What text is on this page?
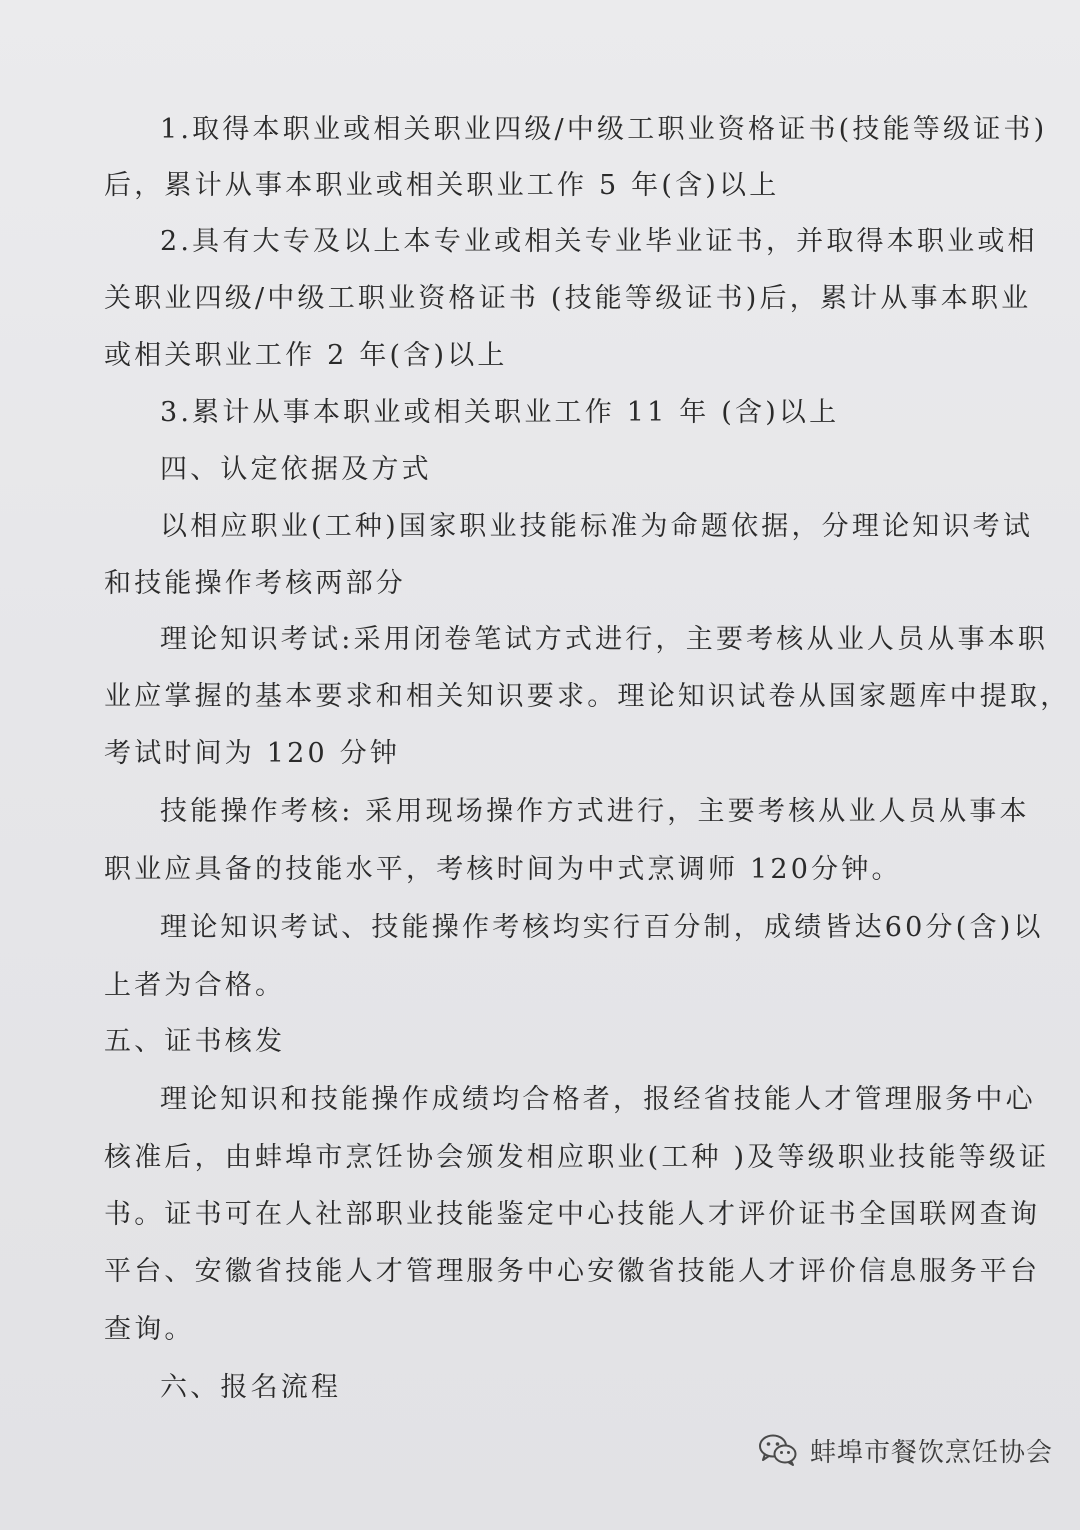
1.取得本职业或相关职业四级/中级工职业资格证书(技能等级证书)
后，累计从事本职业或相关职业工作 5 年(含)以上
2.具有大专及以上本专业或相关专业毕业证书，并取得本职业或相
关职业四级/中级工职业资格证书 (技能等级证书)后，累计从事本职业
或相关职业工作 2 年(含)以上
3.累计从事本职业或相关职业工作 11 年 (含)以上
四、认定依据及方式
以相应职业(工种)国家职业技能标准为命题依据，分理论知识考试
和技能操作考核两部分
理论知识考试:采用闭卷笔试方式进行，主要考核从业人员从事本职
业应掌握的基本要求和相关知识要求。理论知识试卷从国家题库中提取，
考试时间为 120 分钟
技能操作考核: 采用现场操作方式进行，主要考核从业人员从事本
职业应具备的技能水平，考核时间为中式烹调师 120分钟。
理论知识考试、技能操作考核均实行百分制，成绩皆达60分(含)以
上者为合格。
五、证书核发
理论知识和技能操作成绩均合格者，报经省技能人才管理服务中心
核准后，由蚌埠市烹饪协会颁发相应职业(工种 )及等级职业技能等级证
书。证书可在人社部职业技能鉴定中心技能人才评价证书全国联网查询
平台、安徽省技能人才管理服务中心安徽省技能人才评价信息服务平台
查询。
六、报名流程
蚌埠市餐饮烹饪协会
